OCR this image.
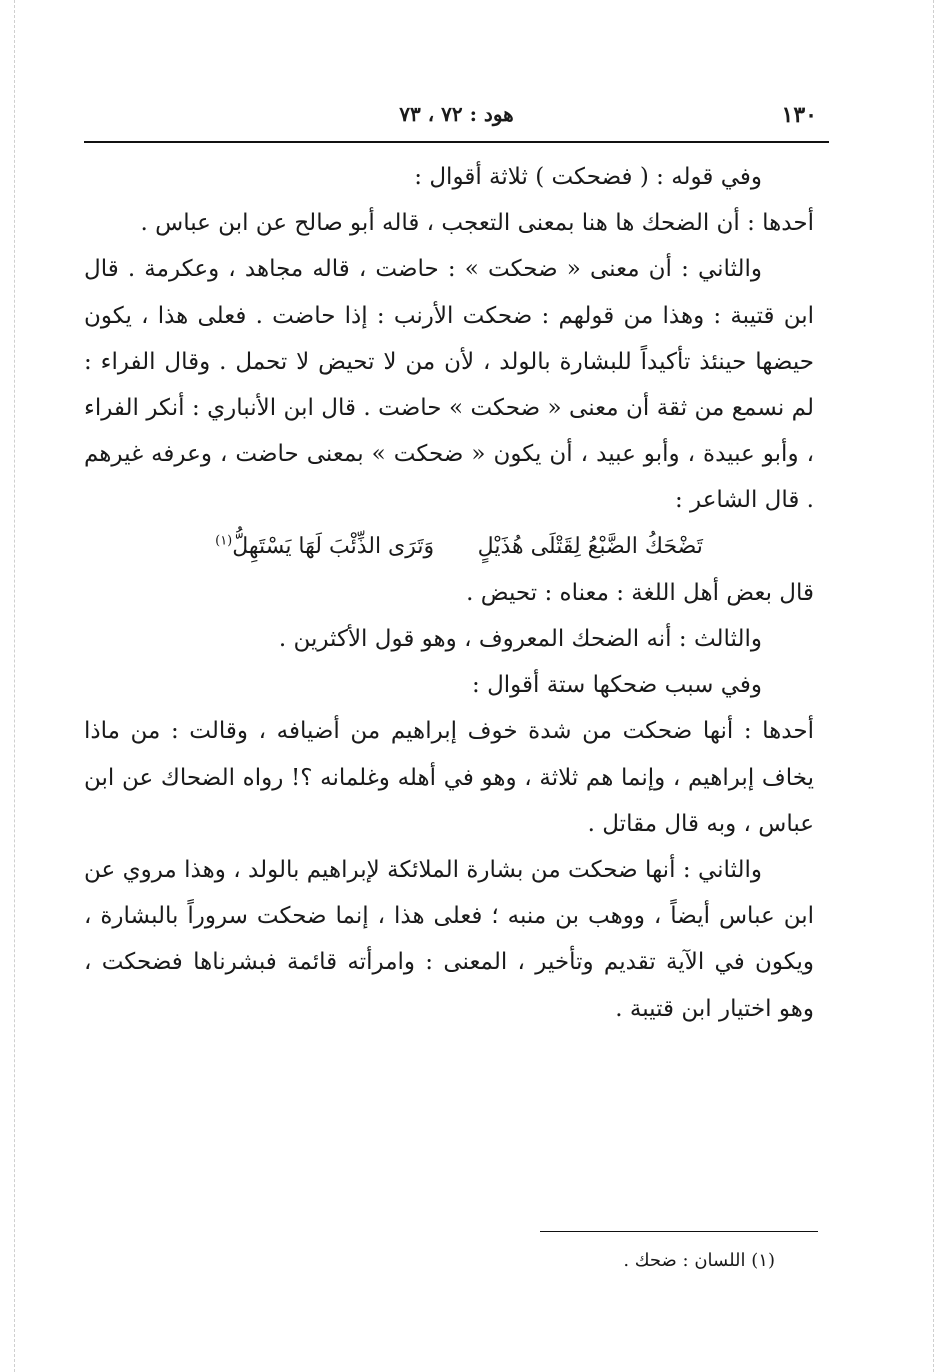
١٣٠
هود : ٧٢ ، ٧٣

وفي قوله : ( فضحكت ) ثلاثة أقوال :

أحدها : أن الضحك ها هنا بمعنى التعجب ، قاله أبو صالح عن ابن عباس .

والثاني : أن معنى « ضحكت » : حاضت ، قاله مجاهد ، وعكرمة . قال ابن قتيبة : وهذا من قولهم : ضحكت الأرنب : إذا حاضت . فعلى هذا ، يكون حيضها حينئذ تأكيداً للبشارة بالولد ، لأن من لا تحيض لا تحمل . وقال الفراء : لم نسمع من ثقة أن معنى « ضحكت » حاضت . قال ابن الأنباري : أنكر الفراء ، وأبو عبيدة ، وأبو عبيد ، أن يكون « ضحكت » بمعنى حاضت ، وعرفه غيرهم . قال الشاعر :

تَضْحَكُ الضَّبْعُ لِقَتْلَى هُذَيْلٍ وَتَرَى الذِّئْبَ لَهَا يَسْتَهِلُّ$^{(١)}$

قال بعض أهل اللغة : معناه : تحيض .

والثالث : أنه الضحك المعروف ، وهو قول الأكثرين .

وفي سبب ضحكها ستة أقوال :

أحدها : أنها ضحكت من شدة خوف إبراهيم من أضيافه ، وقالت : من ماذا يخاف إبراهيم ، وإنما هم ثلاثة ، وهو في أهله وغلمانه ؟! رواه الضحاك عن ابن عباس ، وبه قال مقاتل .

والثاني : أنها ضحكت من بشارة الملائكة لإبراهيم بالولد ، وهذا مروي عن ابن عباس أيضاً ، ووهب بن منبه ؛ فعلى هذا ، إنما ضحكت سروراً بالبشارة ، ويكون في الآية تقديم وتأخير ، المعنى : وامرأته قائمة فبشرناها فضحكت ، وهو اختيار ابن قتيبة .

(١) اللسان : ضحك .
